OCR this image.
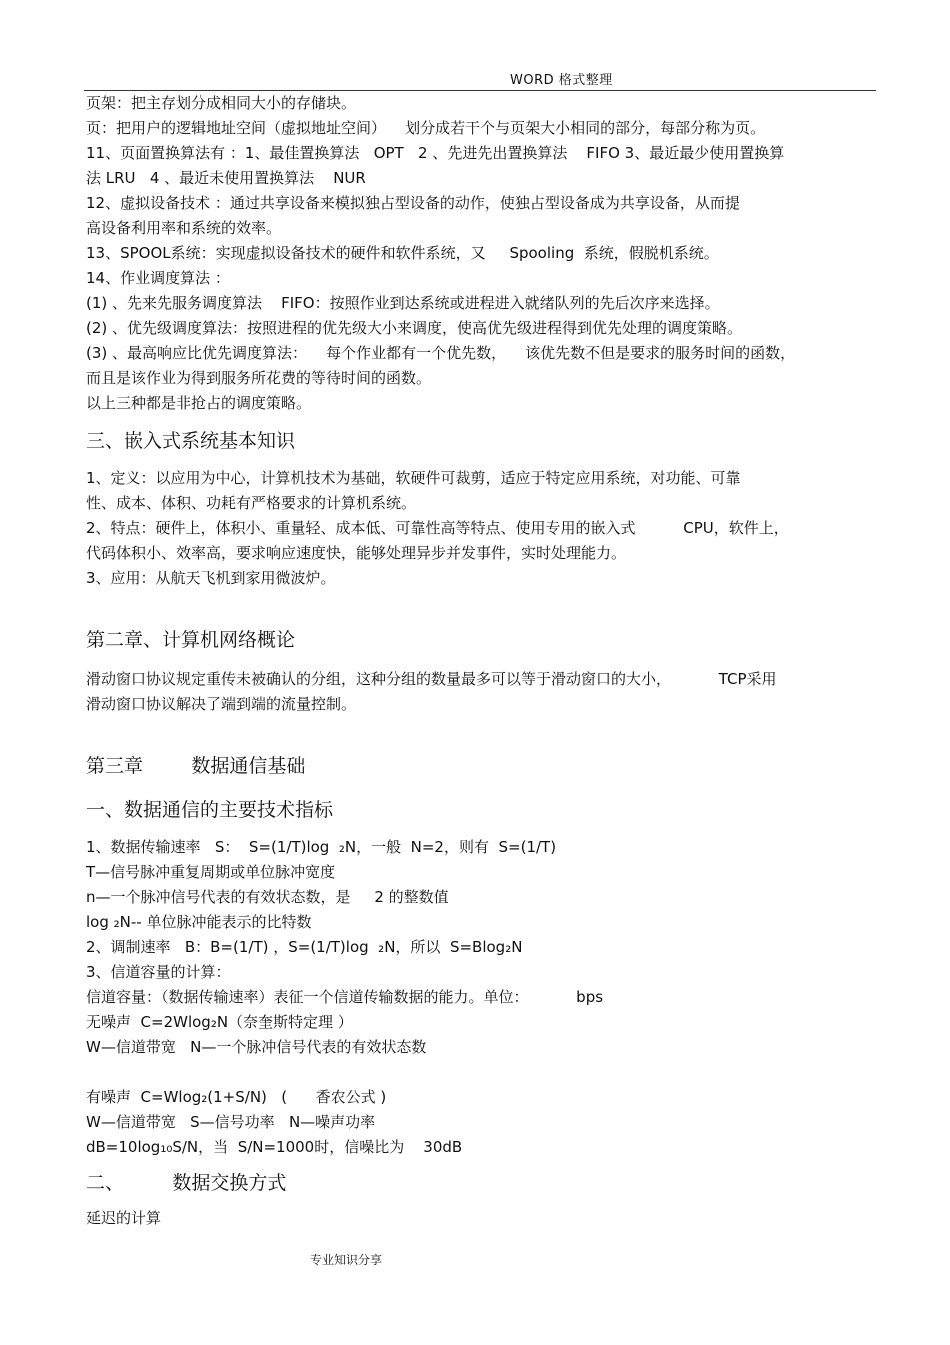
WORD 格式整理

页架：把主存划分成相同大小的存储块。

页：把用户的逻辑地址空间（虚拟地址空间）    划分成若干个与页架大小相同的部分，每部分称为页。

11、页面置换算法有 ：1、最佳置换算法   OPT   2 、先进先出置换算法    FIFO 3、最近最少使用置换算

法 LRU   4 、最近未使用置换算法    NUR

12、虚拟设备技术 ：通过共享设备来模拟独占型设备的动作，使独占型设备成为共享设备，从而提

高设备利用率和系统的效率。

13、SPOOL系统：实现虚拟设备技术的硬件和软件系统，又     Spooling  系统，假脱机系统。

14、作业调度算法 ：

(1) 、先来先服务调度算法    FIFO：按照作业到达系统或进程进入就绪队列的先后次序来选择。

(2) 、优先级调度算法：按照进程的优先级大小来调度，使高优先级进程得到优先处理的调度策略。

(3) 、最高响应比优先调度算法：    每个作业都有一个优先数，    该优先数不但是要求的服务时间的函数，

而且是该作业为得到服务所花费的等待时间的函数。

以上三种都是非抢占的调度策略。

三、嵌入式系统基本知识

1、定义：以应用为中心，计算机技术为基础，软硬件可裁剪，适应于特定应用系统，对功能、可靠

性、成本、体积、功耗有严格要求的计算机系统。

2、特点：硬件上，体积小、重量轻、成本低、可靠性高等特点、使用专用的嵌入式          CPU，软件上，

代码体积小、效率高，要求响应速度快，能够处理异步并发事件，实时处理能力。

3、应用：从航天飞机到家用微波炉。

第二章、计算机网络概论

滑动窗口协议规定重传未被确认的分组，这种分组的数量最多可以等于滑动窗口的大小，          TCP采用

滑动窗口协议解决了端到端的流量控制。

第三章        数据通信基础
一、数据通信的主要技术指标

1、数据传输速率   S：  S=(1/T)log  ₂N，一般  N=2，则有  S=(1/T)

T—信号脉冲重复周期或单位脉冲宽度

n—一个脉冲信号代表的有效状态数，是     2 的整数值

log ₂N-- 单位脉冲能表示的比特数

2、调制速率   B：B=(1/T) ，S=(1/T)log  ₂N，所以  S=Blog₂N

3、信道容量的计算：

信道容量：（数据传输速率）表征一个信道传输数据的能力。单位：          bps

无噪声  C=2Wlog₂N（奈奎斯特定理 ）

W—信道带宽   N—一个脉冲信号代表的有效状态数

有噪声  C=Wlog₂(1+S/N)   (      香农公式 )

W—信道带宽   S—信号功率   N—噪声功率

dB=10log₁₀S/N，当  S/N=1000时，信噪比为    30dB

二、        数据交换方式

延迟的计算

专业知识分享
